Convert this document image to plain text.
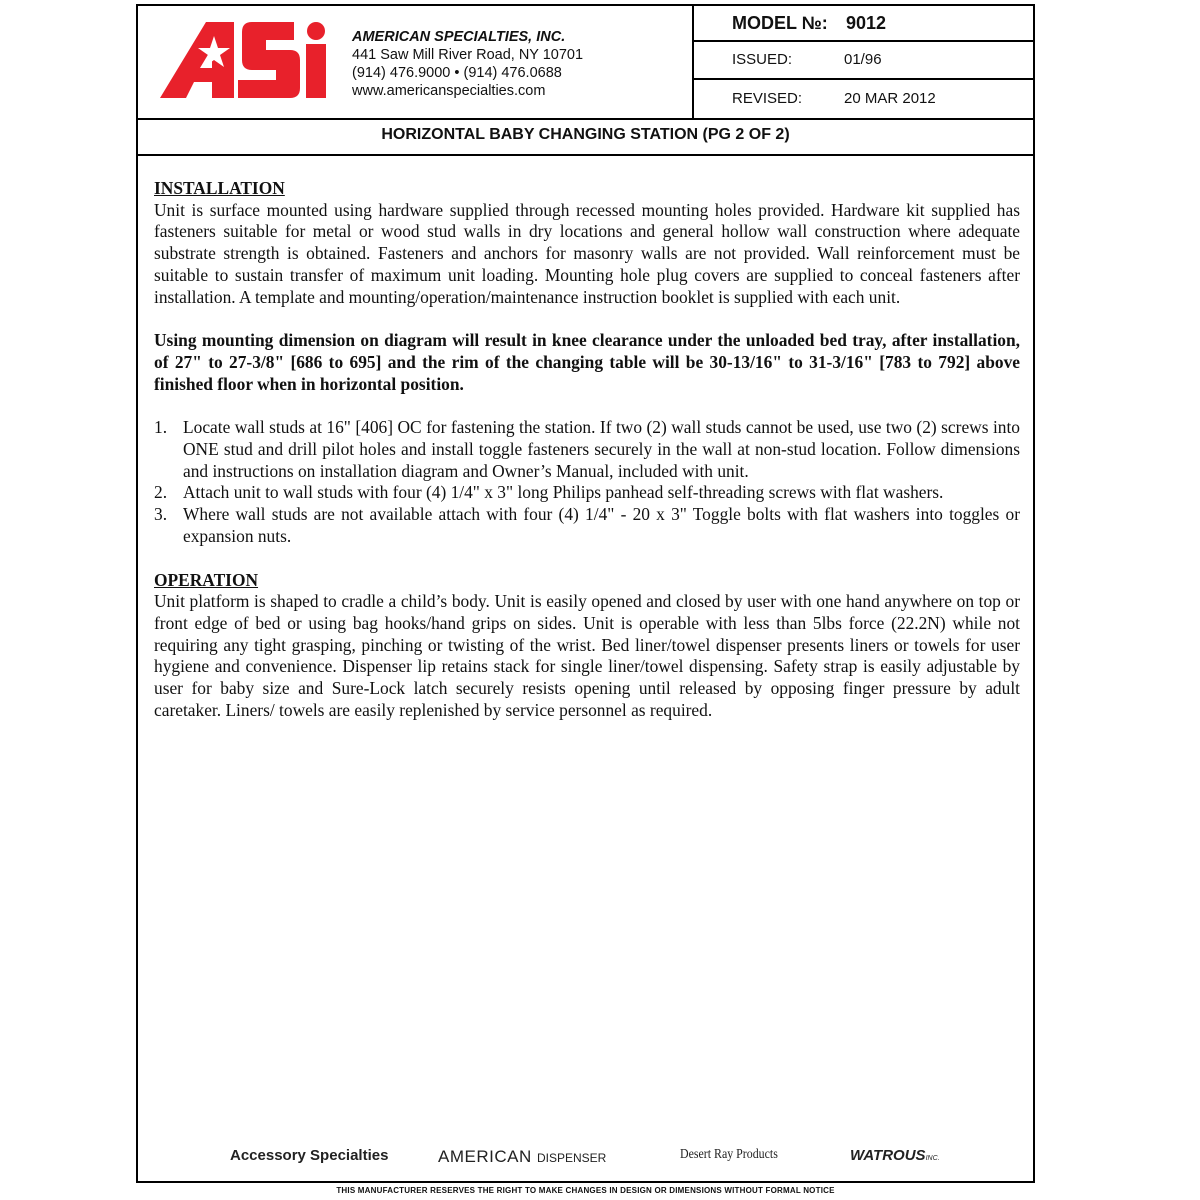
AMERICAN SPECIALTIES, INC.
441 Saw Mill River Road, NY 10701
(914) 476.9000 • (914) 476.0688
www.americanspecialties.com
MODEL №: 9012
ISSUED:	01/96
REVISED:	20 MAR 2012
HORIZONTAL BABY CHANGING STATION (PG 2 OF 2)

INSTALLATION

Unit is surface mounted using hardware supplied through recessed mounting holes provided. Hardware kit supplied has fasteners suitable for metal or wood stud walls in dry locations and general hollow wall construction where adequate substrate strength is obtained. Fasteners and anchors for masonry walls are not provided. Wall reinforcement must be suitable to sustain transfer of maximum unit loading. Mounting hole plug covers are supplied to conceal fasteners after installation. A template and mounting/operation/maintenance instruction booklet is supplied with each unit.

Using mounting dimension on diagram will result in knee clearance under the unloaded bed tray, after installation, of 27" to 27-3/8" [686 to 695] and the rim of the changing table will be 30-13/16" to 31-3/16" [783 to 792] above finished floor when in horizontal position.

1. Locate wall studs at 16" [406] OC for fastening the station. If two (2) wall studs cannot be used, use two (2) screws into ONE stud and drill pilot holes and install toggle fasteners securely in the wall at non-stud location. Follow dimensions and instructions on installation diagram and Owner’s Manual, included with unit.
2. Attach unit to wall studs with four (4) 1/4" x 3" long Philips panhead self-threading screws with flat washers.
3. Where wall studs are not available attach with four (4) 1/4" - 20 x 3" Toggle bolts with flat washers into toggles or expansion nuts.

OPERATION

Unit platform is shaped to cradle a child’s body. Unit is easily opened and closed by user with one hand anywhere on top or front edge of bed or using bag hooks/hand grips on sides. Unit is operable with less than 5lbs force (22.2N) while not requiring any tight grasping, pinching or twisting of the wrist. Bed liner/towel dispenser presents liners or towels for user hygiene and convenience. Dispenser lip retains stack for single liner/towel dispensing. Safety strap is easily adjustable by user for baby size and Sure-Lock latch securely resists opening until released by opposing finger pressure by adult caretaker. Liners/ towels are easily replenished by service personnel as required.

Accessory Specialties	AMERICAN DISPENSER	Desert Ray Products	WATROUSINC.
THIS MANUFACTURER RESERVES THE RIGHT TO MAKE CHANGES IN DESIGN OR DIMENSIONS WITHOUT FORMAL NOTICE
